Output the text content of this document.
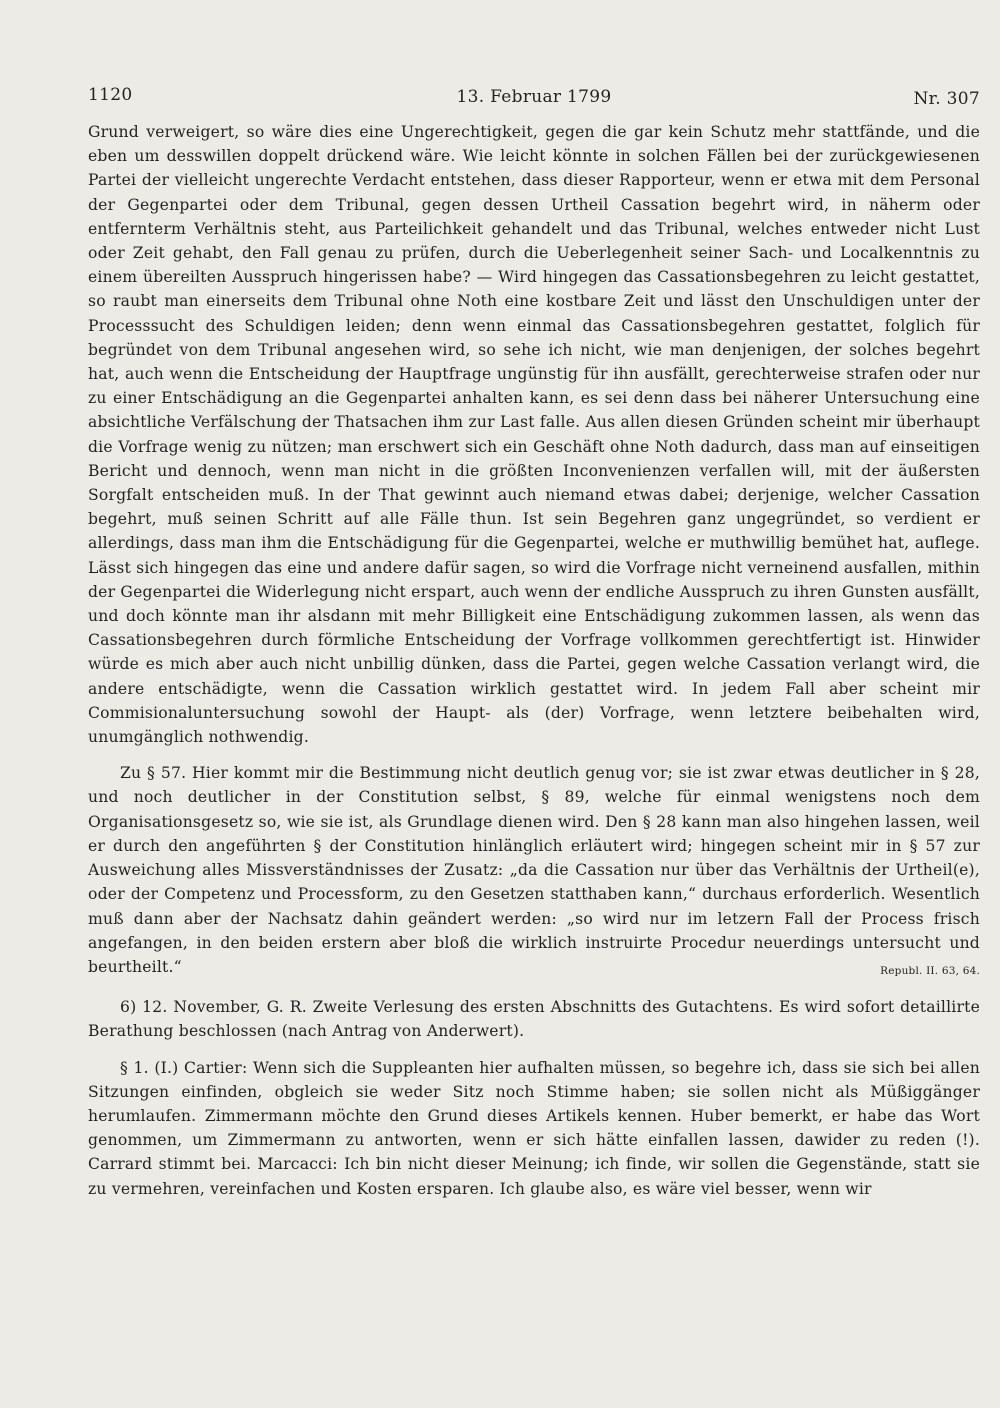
1120	13. Februar 1799	Nr. 307

Grund verweigert, so wäre dies eine Ungerechtigkeit, gegen die gar kein Schutz mehr stattfände, und die eben um desswillen doppelt drückend wäre. Wie leicht könnte in solchen Fällen bei der zurückgewiesenen Partei der vielleicht ungerechte Verdacht entstehen, dass dieser Rapporteur, wenn er etwa mit dem Personal der Gegenpartei oder dem Tribunal, gegen dessen Urtheil Cassation begehrt wird, in näherm oder entfernterm Verhältnis steht, aus Parteilichkeit gehandelt und das Tribunal, welches entweder nicht Lust oder Zeit gehabt, den Fall genau zu prüfen, durch die Ueberlegenheit seiner Sach- und Localkenntnis zu einem übereilten Ausspruch hingerissen habe? — Wird hingegen das Cassationsbegehren zu leicht gestattet, so raubt man einerseits dem Tribunal ohne Noth eine kostbare Zeit und lässt den Unschuldigen unter der Processsucht des Schuldigen leiden; denn wenn einmal das Cassationsbegehren gestattet, folglich für begründet von dem Tribunal angesehen wird, so sehe ich nicht, wie man denjenigen, der solches begehrt hat, auch wenn die Entscheidung der Hauptfrage ungünstig für ihn ausfällt, gerechterweise strafen oder nur zu einer Entschädigung an die Gegenpartei anhalten kann, es sei denn dass bei näherer Untersuchung eine absichtliche Verfälschung der Thatsachen ihm zur Last falle. Aus allen diesen Gründen scheint mir überhaupt die Vorfrage wenig zu nützen; man erschwert sich ein Geschäft ohne Noth dadurch, dass man auf einseitigen Bericht und dennoch, wenn man nicht in die größten Inconvenienzen verfallen will, mit der äußersten Sorgfalt entscheiden muß. In der That gewinnt auch niemand etwas dabei; derjenige, welcher Cassation begehrt, muß seinen Schritt auf alle Fälle thun. Ist sein Begehren ganz ungegründet, so verdient er allerdings, dass man ihm die Entschädigung für die Gegenpartei, welche er muthwillig bemühet hat, auflege. Lässt sich hingegen das eine und andere dafür sagen, so wird die Vorfrage nicht verneinend ausfallen, mithin der Gegenpartei die Widerlegung nicht erspart, auch wenn der endliche Ausspruch zu ihren Gunsten ausfällt, und doch könnte man ihr alsdann mit mehr Billigkeit eine Entschädigung zukommen lassen, als wenn das Cassationsbegehren durch förmliche Entscheidung der Vorfrage vollkommen gerechtfertigt ist. Hinwider würde es mich aber auch nicht unbillig dünken, dass die Partei, gegen welche Cassation verlangt wird, die andere entschädigte, wenn die Cassation wirklich gestattet wird. In jedem Fall aber scheint mir Commisionaluntersuchung sowohl der Haupt- als (der) Vorfrage, wenn letztere beibehalten wird, unumgänglich nothwendig.

Zu § 57. Hier kommt mir die Bestimmung nicht deutlich genug vor; sie ist zwar etwas deutlicher in § 28, und noch deutlicher in der Constitution selbst, § 89, welche für einmal wenigstens noch dem Organisationsgesetz so, wie sie ist, als Grundlage dienen wird. Den § 28 kann man also hingehen lassen, weil er durch den angeführten § der Constitution hinlänglich erläutert wird; hingegen scheint mir in § 57 zur Ausweichung alles Missverständnisses der Zusatz: „da die Cassation nur über das Verhältnis der Urtheil(e), oder der Competenz und Processform, zu den Gesetzen statthaben kann,“ durchaus erforderlich. Wesentlich muß dann aber der Nachsatz dahin geändert werden: „so wird nur im letzern Fall der Process frisch angefangen, in den beiden erstern aber bloß die wirklich instruirte Procedur neuerdings untersucht und beurtheilt.“	Republ. II. 63, 64.

6) 12. November, G. R. Zweite Verlesung des ersten Abschnitts des Gutachtens. Es wird sofort detaillirte Berathung beschlossen (nach Antrag von Anderwert).

§ 1. (I.) Cartier: Wenn sich die Suppleanten hier aufhalten müssen, so begehre ich, dass sie sich bei allen Sitzungen einfinden, obgleich sie weder Sitz noch Stimme haben; sie sollen nicht als Müßiggänger herumlaufen. Zimmermann möchte den Grund dieses Artikels kennen. Huber bemerkt, er habe das Wort genommen, um Zimmermann zu antworten, wenn er sich hätte einfallen lassen, dawider zu reden (!). Carrard stimmt bei. Marcacci: Ich bin nicht dieser Meinung; ich finde, wir sollen die Gegenstände, statt sie zu vermehren, vereinfachen und Kosten ersparen. Ich glaube also, es wäre viel besser, wenn wir
